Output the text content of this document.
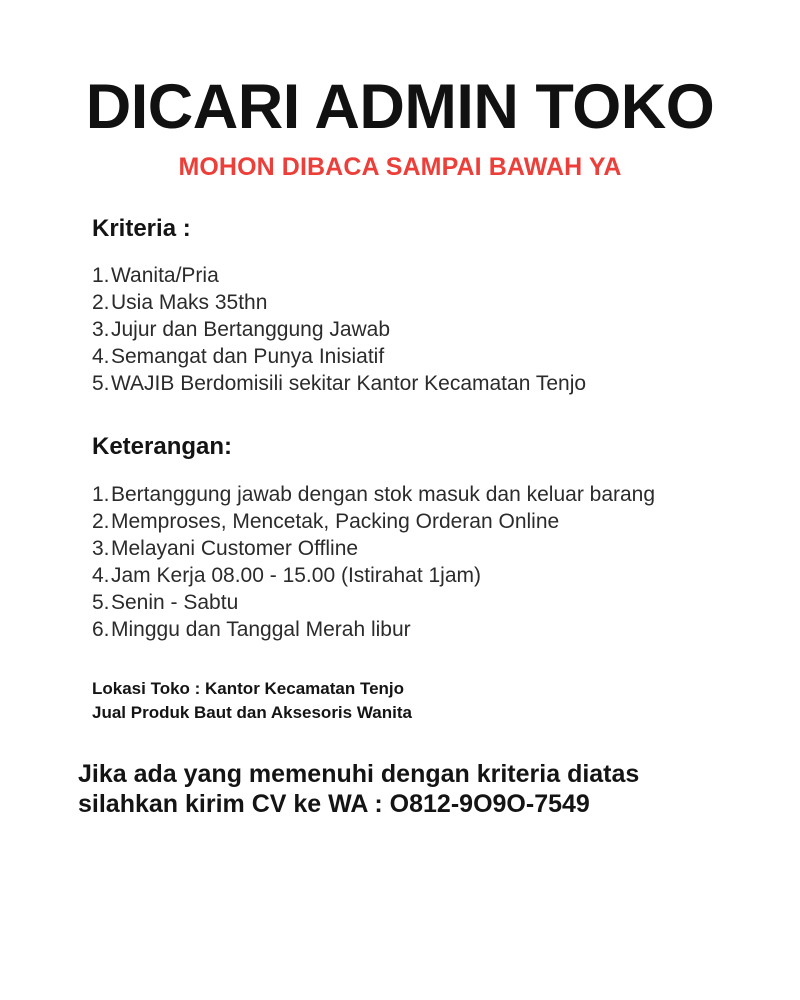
DICARI ADMIN TOKO

MOHON DIBACA SAMPAI BAWAH YA

Kriteria :
1. Wanita/Pria
2. Usia Maks 35thn
3. Jujur dan Bertanggung Jawab
4. Semangat dan Punya Inisiatif
5. WAJIB Berdomisili sekitar Kantor Kecamatan Tenjo
Keterangan:
1. Bertanggung jawab dengan stok masuk dan keluar barang
2. Memproses, Mencetak, Packing Orderan Online
3. Melayani Customer Offline
4. Jam Kerja 08.00 - 15.00 (Istirahat 1jam)
5. Senin - Sabtu
6. Minggu dan Tanggal Merah libur
Lokasi Toko : Kantor Kecamatan Tenjo
Jual Produk Baut dan Aksesoris Wanita
Jika ada yang memenuhi dengan kriteria diatas
silahkan kirim CV ke WA : O812-9O9O-7549
